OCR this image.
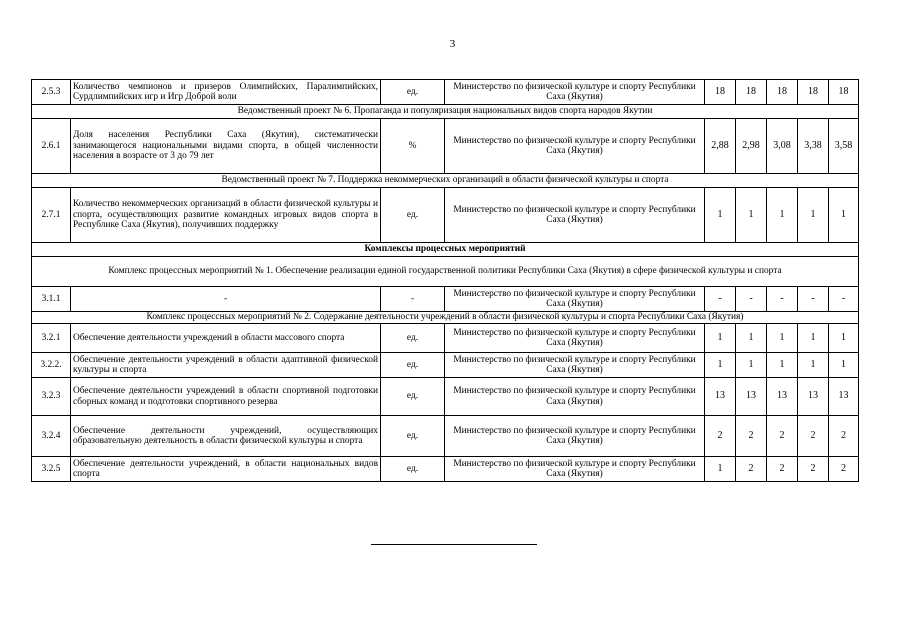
3
2.5.3	Количество чемпионов и призеров Олимпийских, Паралимпийских, Сурдлимпийских игр и Игр Доброй воли	ед.	Министерство по физической культуре и спорту Республики Саха (Якутия)	18	18	18	18	18
Ведомственный проект № 6. Пропаганда и популяризация национальных видов спорта народов Якутии								
2.6.1	Доля населения Республики Саха (Якутия), систематически занимающегося национальными видами спорта, в общей численности населения в возрасте от 3 до 79 лет	%	Министерство по физической культуре и спорту Республики Саха (Якутия)	2,88	2,98	3,08	3,38	3,58
Ведомственный проект № 7. Поддержка некоммерческих организаций в области физической культуры и спорта								
2.7.1	Количество некоммерческих организаций в области физической культуры и спорта, осуществляющих развитие командных игровых видов спорта в Республике Саха (Якутия), получивших поддержку	ед.	Министерство по физической культуре и спорту Республики Саха (Якутия)	1	1	1	1	1
Комплексы процессных мероприятий								
Комплекс процессных мероприятий № 1. Обеспечение реализации единой государственной политики Республики Саха (Якутия) в сфере физической культуры и спорта								
3.1.1	-	-	Министерство по физической культуре и спорту Республики Саха (Якутия)	-	-	-	-	-
Комплекс процессных мероприятий № 2. Содержание деятельности учреждений в области физической культуры и спорта Республики Саха (Якутия)								
3.2.1	Обеспечение деятельности учреждений в области массового спорта	ед.	Министерство по физической культуре и спорту Республики Саха (Якутия)	1	1	1	1	1
3.2.2.	Обеспечение деятельности учреждений в области адаптивной физической культуры и спорта	ед.	Министерство по физической культуре и спорту Республики Саха (Якутия)	1	1	1	1	1
3.2.3	Обеспечение деятельности учреждений в области спортивной подготовки сборных команд и подготовки спортивного резерва	ед.	Министерство по физической культуре и спорту Республики Саха (Якутия)	13	13	13	13	13
3.2.4	Обеспечение деятельности учреждений, осуществляющих образовательную деятельность в области физической культуры и спорта	ед.	Министерство по физической культуре и спорту Республики Саха (Якутия)	2	2	2	2	2
3.2.5	Обеспечение деятельности учреждений, в области национальных видов спорта	ед.	Министерство по физической культуре и спорту Республики Саха (Якутия)	1	2	2	2	2
